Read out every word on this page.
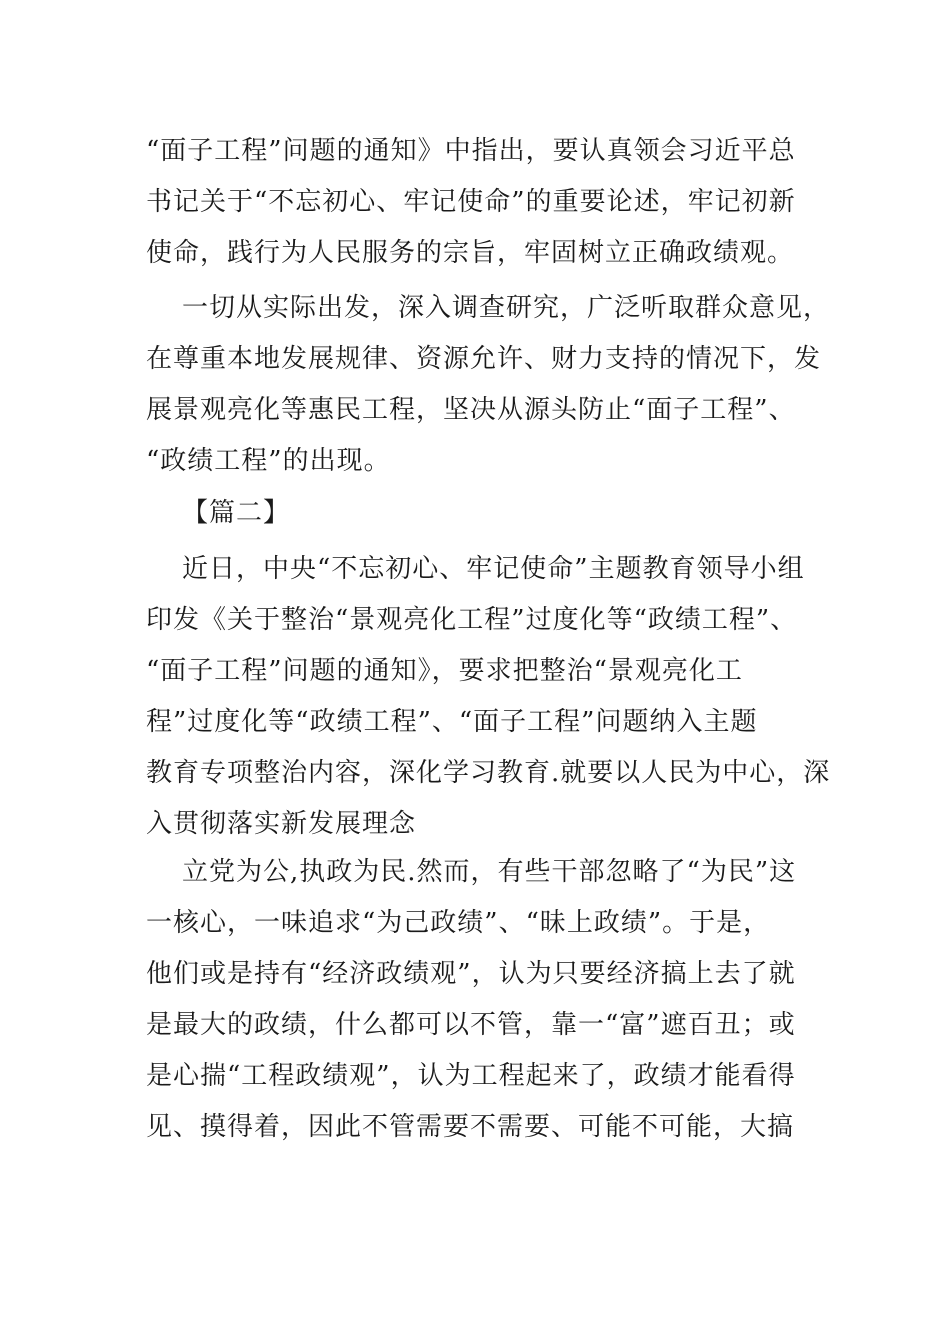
“面子工程”问题的通知》中指出，要认真领会习近平总
书记关于“不忘初心、牢记使命”的重要论述，牢记初新
使命，践行为人民服务的宗旨，牢固树立正确政绩观。
一切从实际出发，深入调查研究，广泛听取群众意见，
在尊重本地发展规律、资源允许、财力支持的情况下，发
展景观亮化等惠民工程，坚决从源头防止“面子工程”、
“政绩工程”的出现。
【篇二】
近日，中央“不忘初心、牢记使命”主题教育领导小组
印发《关于整治“景观亮化工程”过度化等“政绩工程”、
“面子工程”问题的通知》，要求把整治“景观亮化工
程”过度化等“政绩工程”、“面子工程”问题纳入主题
教育专项整治内容，深化学习教育.就要以人民为中心，深
入贯彻落实新发展理念
立党为公,执政为民.然而，有些干部忽略了“为民”这
一核心，一味追求“为己政绩”、“昧上政绩”。于是，
他们或是持有“经济政绩观”，认为只要经济搞上去了就
是最大的政绩，什么都可以不管，靠一“富”遮百丑；或
是心揣“工程政绩观”，认为工程起来了，政绩才能看得
见、摸得着，因此不管需要不需要、可能不可能，大搞
